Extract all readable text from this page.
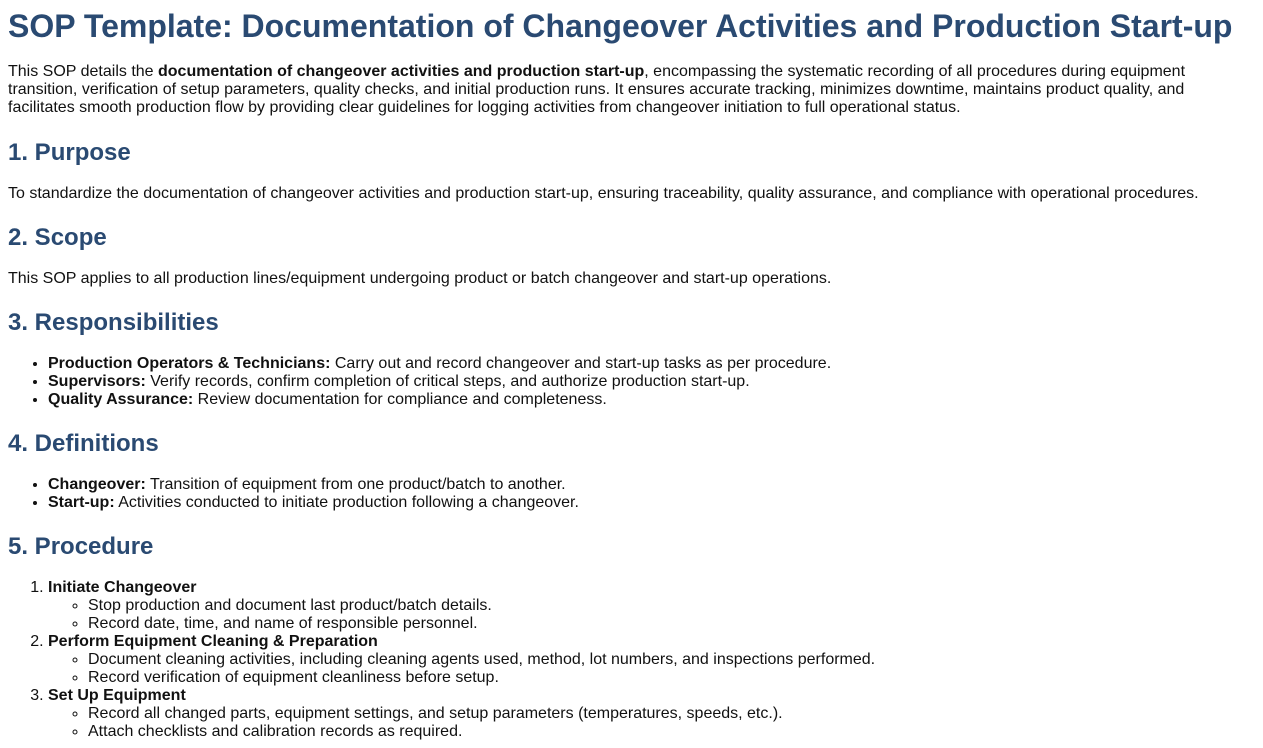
SOP Template: Documentation of Changeover Activities and Production Start-up

This SOP details the documentation of changeover activities and production start-up, encompassing the systematic recording of all procedures during equipment transition, verification of setup parameters, quality checks, and initial production runs. It ensures accurate tracking, minimizes downtime, maintains product quality, and facilitates smooth production flow by providing clear guidelines for logging activities from changeover initiation to full operational status.

1. Purpose

To standardize the documentation of changeover activities and production start-up, ensuring traceability, quality assurance, and compliance with operational procedures.

2. Scope

This SOP applies to all production lines/equipment undergoing product or batch changeover and start-up operations.

3. Responsibilities
• Production Operators & Technicians: Carry out and record changeover and start-up tasks as per procedure.
• Supervisors: Verify records, confirm completion of critical steps, and authorize production start-up.
• Quality Assurance: Review documentation for compliance and completeness.
4. Definitions
• Changeover: Transition of equipment from one product/batch to another.
• Start-up: Activities conducted to initiate production following a changeover.
5. Procedure
1. Initiate Changeover
◦ Stop production and document last product/batch details.
◦ Record date, time, and name of responsible personnel.
2. Perform Equipment Cleaning & Preparation
◦ Document cleaning activities, including cleaning agents used, method, lot numbers, and inspections performed.
◦ Record verification of equipment cleanliness before setup.
3. Set Up Equipment
◦ Record all changed parts, equipment settings, and setup parameters (temperatures, speeds, etc.).
◦ Attach checklists and calibration records as required.
